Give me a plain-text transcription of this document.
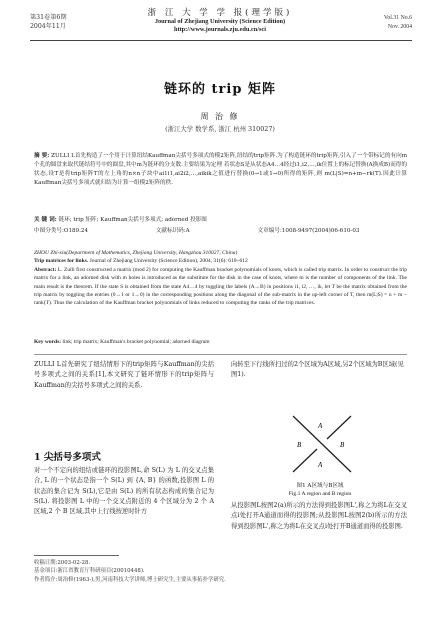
第31卷第6期
2004年11月
浙 江 大 学 学 报(理学版)
Journal of Zhejiang University (Science Edition)
http://www.journals.zju.edu.cn/sci
Vol.31 No.6
Nov. 2004
链环的 trip 矩阵
周 治 修
(浙江大学 数学系, 浙江 杭州 310027)
摘 要: ZULLI L首先构造了一个用于计算纽结Kauffman尖括号多项式的模2矩阵,纽结的trip矩阵.为了构造链环的trip矩阵,引入了一个带标记的有向m个孔的圆盘来取代链结符号中的圆盘,其中m为链环的分支数.主要结果为定理 若状态S是从状态A4…4经过i1,i2,…,ik位置上的标记替换(A换成B)而得的状态,设T是将trip矩阵T的左上角的n×n子块中ai1i1,ai2i2,…,aikik之值进行替换(0→1或1→0)所得的矩阵,则 m(L|S)=n+m−rk(T).因此计算Kauffman尖括号多项式就归结为计算一组模2矩阵的秩.
关 键 词: 链环; trip 矩阵; Kauffman尖括号多项式; adorned 投影图
中图分类号:O189.24	文献标识码:A	文章编号:1008-9497(2004)06-610-03
ZHOU Zhi-xiu(Department of Mathematics, Zhejiang University, Hangzhou 310027, China)
Trip matrices for links. Journal of Zhejiang University (Science Edition), 2004, 31(6): 610~612
Abstract: L. Zulli first constructed a matrix (mod 2) for computing the Kauffman bracket polynomials of knots, which is called trip matrix. In order to construct the trip matrix for a link, an adorned disk with m holes is introduced as the substitute for the disk in the case of knots, where m is the number of components of the link. The main result is the theorem. If the state S is obtained from the state A4…4 by toggling the labels (A→B) in positions i1, i2, …, ik, let T be the matrix obtained from the trip matrix by toggling the entries (0→1 or 1→0) in the corresponding positions along the diagonal of the sub-matrix in the up-left corner of T, then m(L|S) = n + m − rank(T). Thus the calculation of the Kauffman bracket polynomials of links reduced to computing the ranks of the trip matrices.
Key words: link; trip matrix; Kauffman's bracket polynomial; adorned diagram
ZULLI L首先研究了纽结情形下的trip矩阵与Kauffman的尖括号多项式之间的关系[1],本文研究了链环情形下的trip矩阵与Kauffman的尖括号多项式之间的关系.
向转至下行线所扫过的2个区域为A区域,另2个区域为B区域(见图1).
1 尖括号多项式
对一个不定向的纽结或链环的投影图L,命 S(L) 为 L 的交叉点集合, L 的一个状态是指一个 S(L) 到 {A, B} 的函数,投影图 L 的状态的集合记为 S(L),它是由 S(L) 的所有状态构成的集合记为 S(L). 将投影图 L 中的一个交叉点附近的 4 个区域分为 2 个 A 区域,2 个 B 区域,其中上行线按逆时针方
A
A
B	B
图1 A区域与B区域
Fig.1 A region and B region
从投影图L按图2(a)所示的方法得到投影图L',称之为将L在交叉点i处打开A通道而得的投影图;从投影图L按图2(b)所示的方法得到投影图L',称之为将L在交叉点i处打开B通道而得的投影图.
收稿日期:2003-02-28.
基金项目:浙江省教育厅科研项目(20010448).
作者简介:周治修(1963-),男,河南科技大学讲师,博士研究生,主要从事拓扑学研究.
